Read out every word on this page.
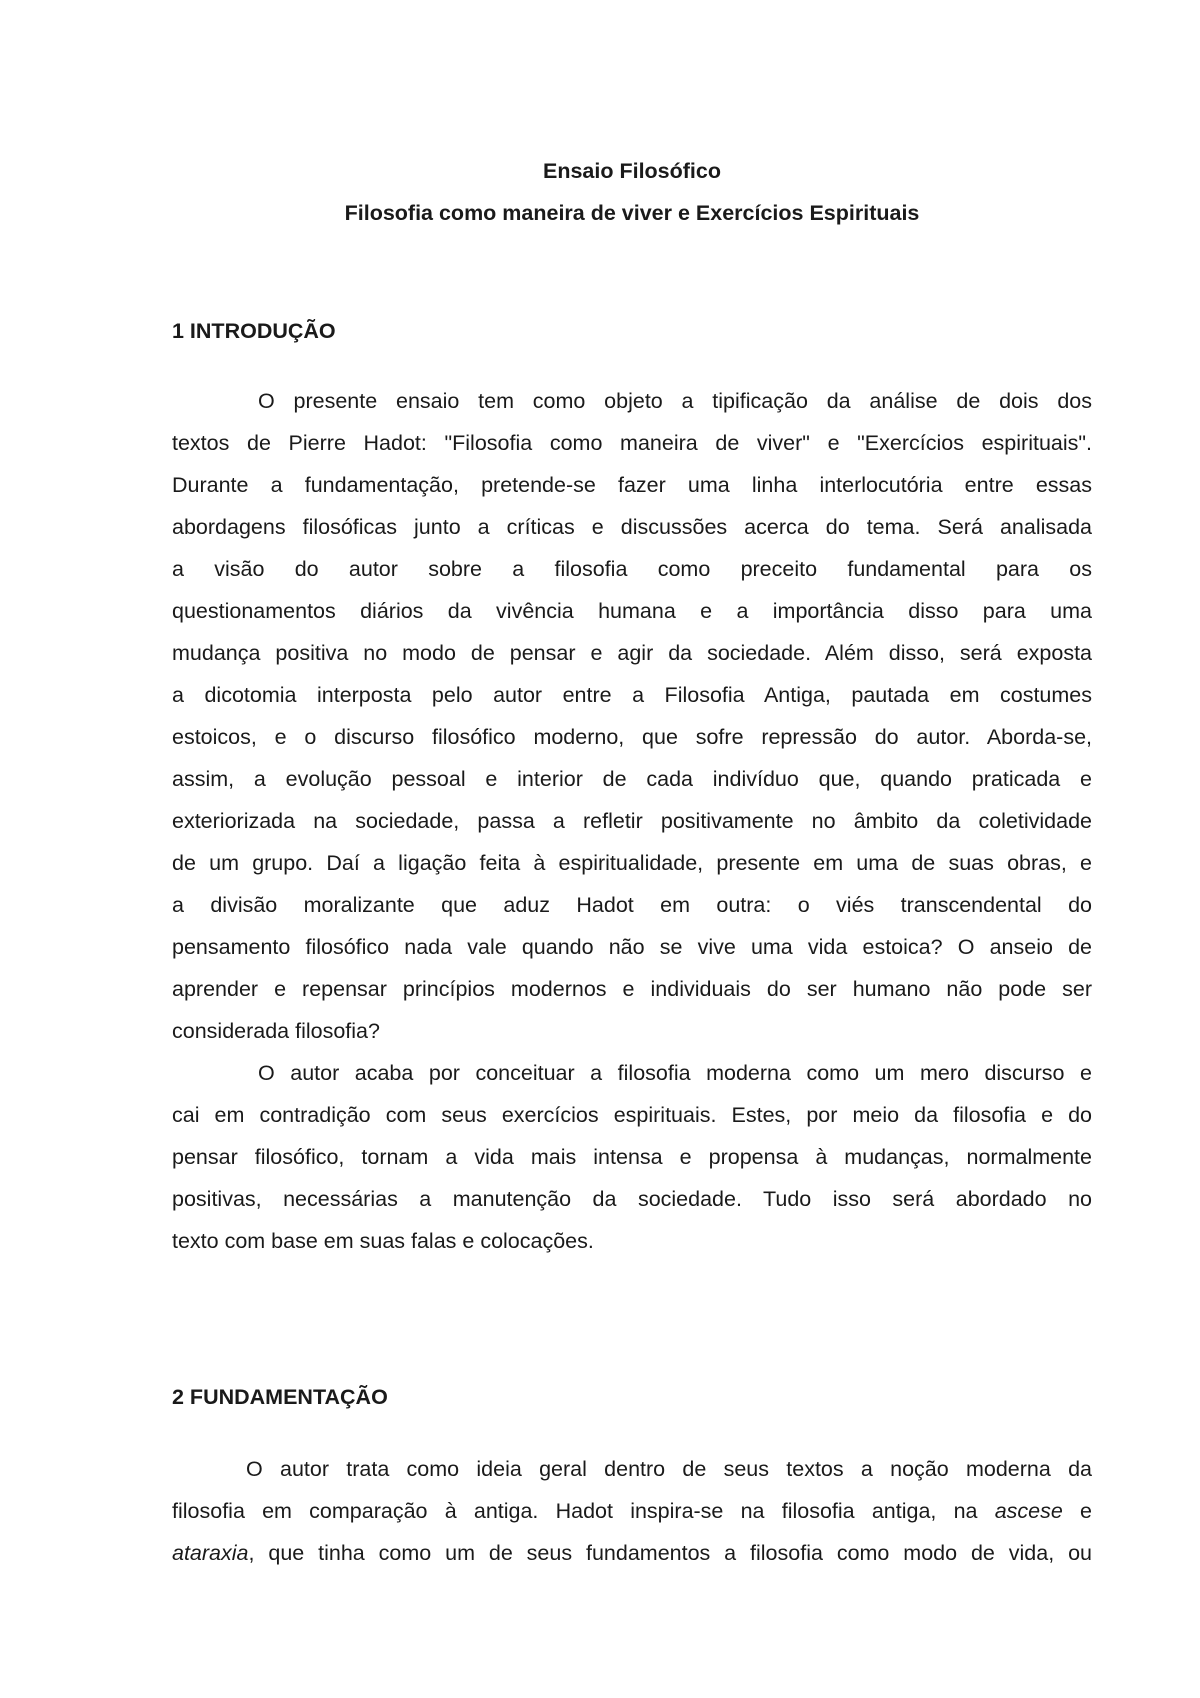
Ensaio Filosófico
Filosofia como maneira de viver e Exercícios Espirituais
1 INTRODUÇÃO
O presente ensaio tem como objeto a tipificação da análise de dois dos
textos de Pierre Hadot: "Filosofia como maneira de viver" e "Exercícios espirituais".
Durante a fundamentação, pretende-se fazer uma linha interlocutória entre essas
abordagens filosóficas junto a críticas e discussões acerca do tema. Será analisada
a visão do autor sobre a filosofia como preceito fundamental para os
questionamentos diários da vivência humana e a importância disso para uma
mudança positiva no modo de pensar e agir da sociedade. Além disso, será exposta
a dicotomia interposta pelo autor entre a Filosofia Antiga, pautada em costumes
estoicos, e o discurso filosófico moderno, que sofre repressão do autor. Aborda-se,
assim, a evolução pessoal e interior de cada indivíduo que, quando praticada e
exteriorizada na sociedade, passa a refletir positivamente no âmbito da coletividade
de um grupo. Daí a ligação feita à espiritualidade, presente em uma de suas obras, e
a divisão moralizante que aduz Hadot em outra: o viés transcendental do
pensamento filosófico nada vale quando não se vive uma vida estoica? O anseio de
aprender e repensar princípios modernos e individuais do ser humano não pode ser
considerada filosofia?
O autor acaba por conceituar a filosofia moderna como um mero discurso e
cai em contradição com seus exercícios espirituais. Estes, por meio da filosofia e do
pensar filosófico, tornam a vida mais intensa e propensa à mudanças, normalmente
positivas, necessárias a manutenção da sociedade. Tudo isso será abordado no
texto com base em suas falas e colocações.
2 FUNDAMENTAÇÃO
O autor trata como ideia geral dentro de seus textos a noção moderna da
filosofia em comparação à antiga. Hadot inspira-se na filosofia antiga, na ascese e
ataraxia, que tinha como um de seus fundamentos a filosofia como modo de vida, ou
